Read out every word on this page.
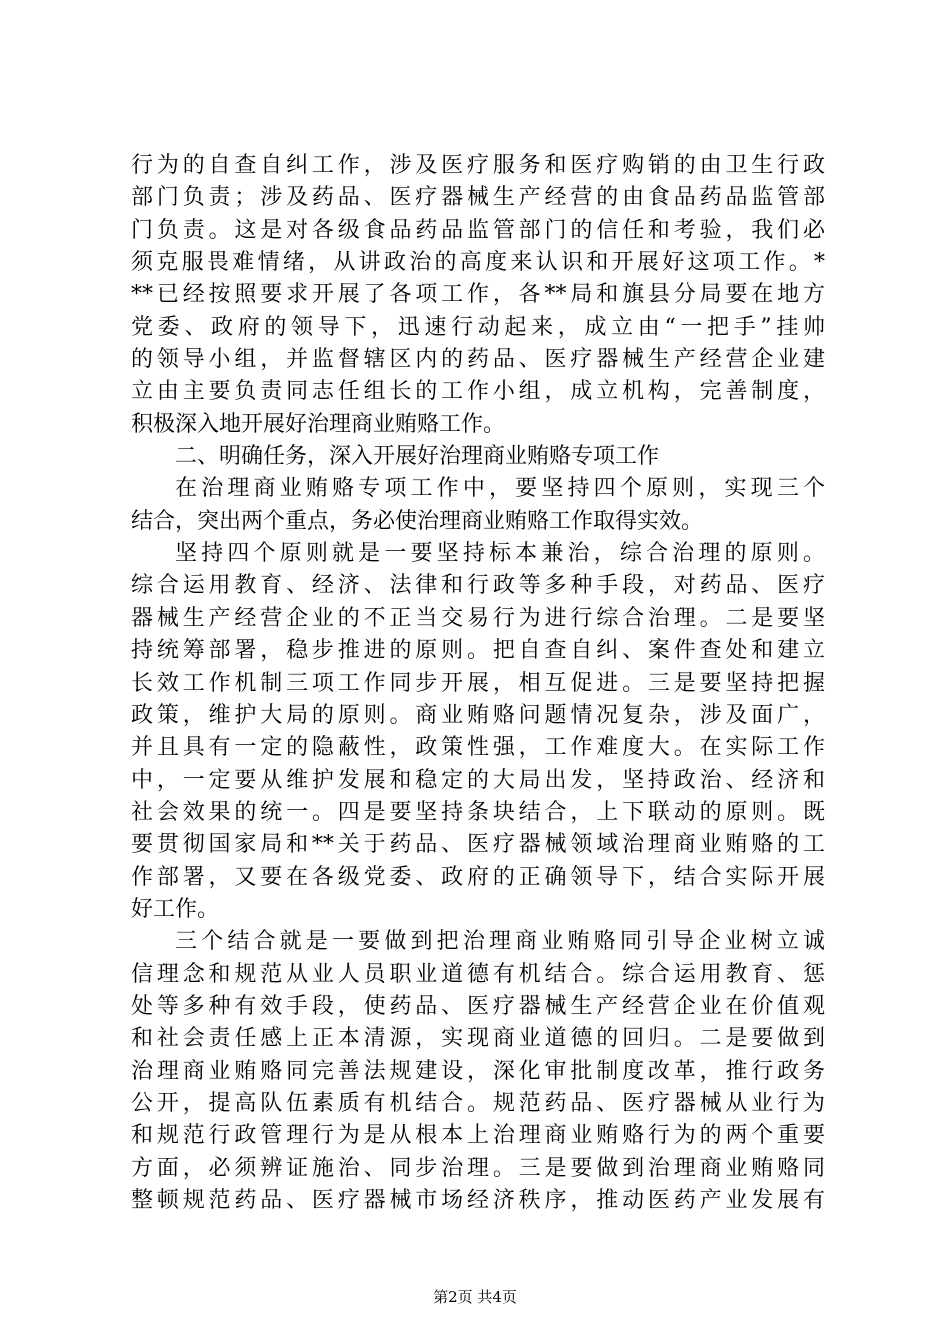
行为的自查自纠工作，涉及医疗服务和医疗购销的由卫生行政
部门负责；涉及药品、医疗器械生产经营的由食品药品监管部
门负责。这是对各级食品药品监管部门的信任和考验，我们必
须克服畏难情绪，从讲政治的高度来认识和开展好这项工作。*
**已经按照要求开展了各项工作，各**局和旗县分局要在地方
党委、政府的领导下，迅速行动起来，成立由“一把手”挂帅
的领导小组，并监督辖区内的药品、医疗器械生产经营企业建
立由主要负责同志任组长的工作小组，成立机构，完善制度，
积极深入地开展好治理商业贿赂工作。
二、明确任务，深入开展好治理商业贿赂专项工作
在治理商业贿赂专项工作中，要坚持四个原则，实现三个
结合，突出两个重点，务必使治理商业贿赂工作取得实效。
坚持四个原则就是一要坚持标本兼治，综合治理的原则。
综合运用教育、经济、法律和行政等多种手段，对药品、医疗
器械生产经营企业的不正当交易行为进行综合治理。二是要坚
持统筹部署，稳步推进的原则。把自查自纠、案件查处和建立
长效工作机制三项工作同步开展，相互促进。三是要坚持把握
政策，维护大局的原则。商业贿赂问题情况复杂，涉及面广，
并且具有一定的隐蔽性，政策性强，工作难度大。在实际工作
中，一定要从维护发展和稳定的大局出发，坚持政治、经济和
社会效果的统一。四是要坚持条块结合，上下联动的原则。既
要贯彻国家局和**关于药品、医疗器械领域治理商业贿赂的工
作部署，又要在各级党委、政府的正确领导下，结合实际开展
好工作。
三个结合就是一要做到把治理商业贿赂同引导企业树立诚
信理念和规范从业人员职业道德有机结合。综合运用教育、惩
处等多种有效手段，使药品、医疗器械生产经营企业在价值观
和社会责任感上正本清源，实现商业道德的回归。二是要做到
治理商业贿赂同完善法规建设，深化审批制度改革，推行政务
公开，提高队伍素质有机结合。规范药品、医疗器械从业行为
和规范行政管理行为是从根本上治理商业贿赂行为的两个重要
方面，必须辨证施治、同步治理。三是要做到治理商业贿赂同
整顿规范药品、医疗器械市场经济秩序，推动医药产业发展有
第2页 共4页
